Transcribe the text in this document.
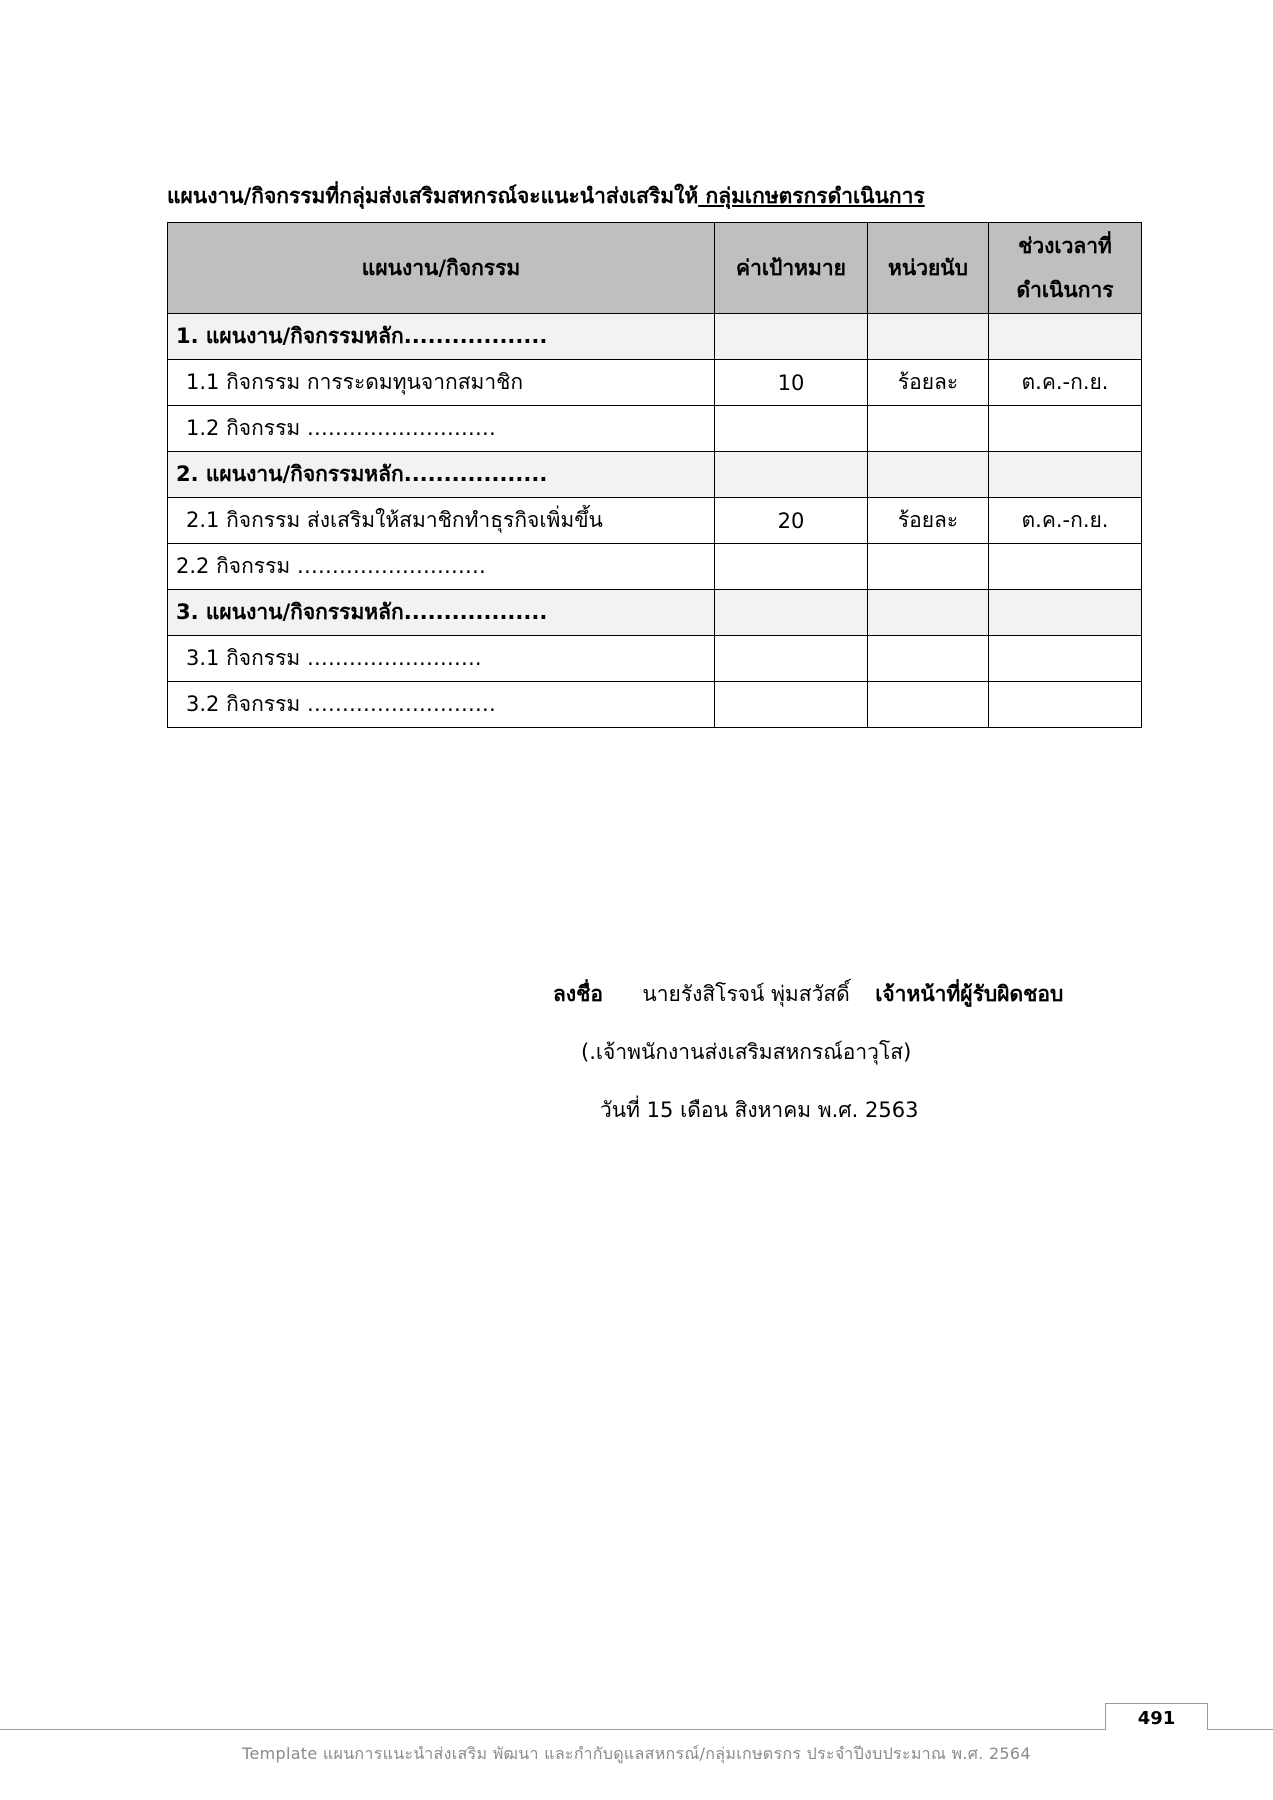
แผนงาน/กิจกรรมที่กลุ่มส่งเสริมสหกรณ์จะแนะนำส่งเสริมให้ กลุ่มเกษตรกรดำเนินการ
แผนงาน/กิจกรรม	ค่าเป้าหมาย	หน่วยนับ	ช่วงเวลาที่
ดำเนินการ

1. แผนงาน/กิจกรรมหลัก..................			
1.1 กิจกรรม การระดมทุนจากสมาชิก	10	ร้อยละ	ต.ค.-ก.ย.
1.2 กิจกรรม ………………………			
2. แผนงาน/กิจกรรมหลัก..................			
2.1 กิจกรรม ส่งเสริมให้สมาชิกทำธุรกิจเพิ่มขึ้น	20	ร้อยละ	ต.ค.-ก.ย.
2.2 กิจกรรม ………………………			
3. แผนงาน/กิจกรรมหลัก..................			
3.1 กิจกรรม …………………….			
3.2 กิจกรรม ………………………			
ลงชื่อ นายรังสิโรจน์ พุ่มสวัสดิ์ เจ้าหน้าที่ผู้รับผิดชอบ
(.เจ้าพนักงานส่งเสริมสหกรณ์อาวุโส)
วันที่ 15 เดือน สิงหาคม พ.ศ. 2563
491
Template แผนการแนะนำส่งเสริม พัฒนา และกำกับดูแลสหกรณ์/กลุ่มเกษตรกร ประจำปีงบประมาณ พ.ศ. 2564
